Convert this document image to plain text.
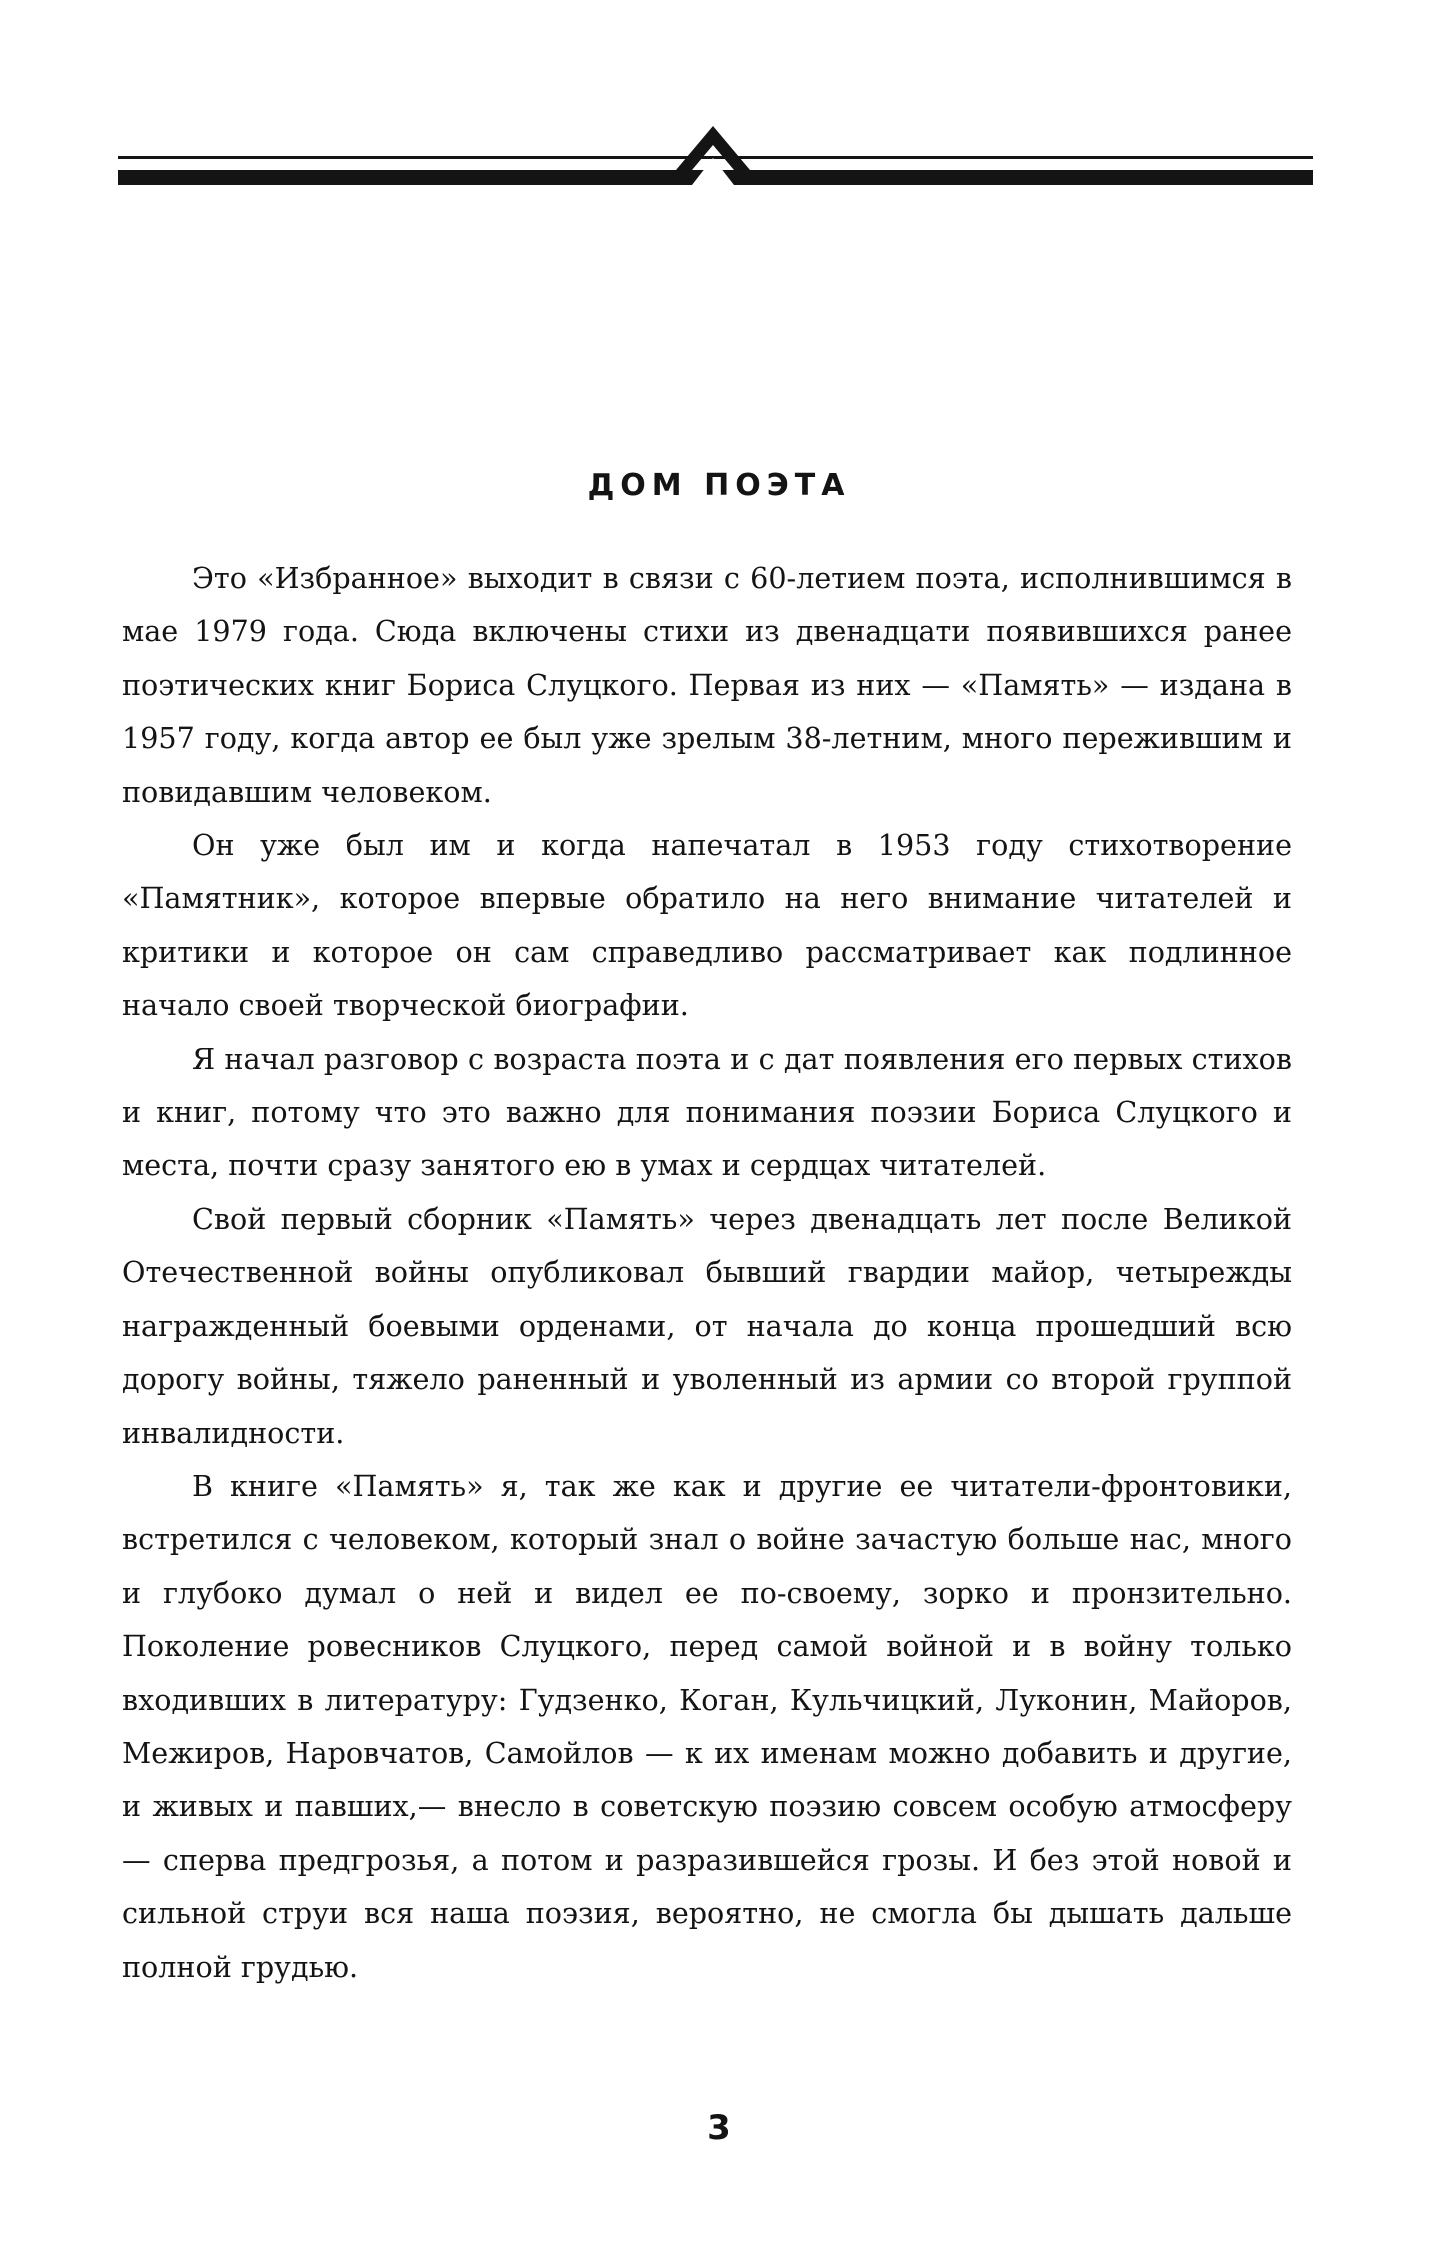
ДОМ ПОЭТА

Это «Избранное» выходит в связи с 60-летием поэта, исполнившимся в мае 1979 года. Сюда включены стихи из двенадцати появившихся ранее поэтических книг Бориса Слуцкого. Первая из них — «Память» — издана в 1957 году, когда автор ее был уже зрелым 38-летним, много пережившим и повидавшим человеком.

Он уже был им и когда напечатал в 1953 году стихотворение «Памятник», которое впервые обратило на него внимание читателей и критики и которое он сам справедливо рассматривает как подлинное начало своей творческой биографии.

Я начал разговор с возраста поэта и с дат появления его первых стихов и книг, потому что это важно для понимания поэзии Бориса Слуцкого и места, почти сразу занятого ею в умах и сердцах читателей.

Свой первый сборник «Память» через двенадцать лет после Великой Отечественной войны опубликовал бывший гвардии майор, четырежды награжденный боевыми орденами, от начала до конца прошедший всю дорогу войны, тяжело раненный и уволенный из армии со второй группой инвалидности.

В книге «Память» я, так же как и другие ее читатели-фронтовики, встретился с человеком, который знал о войне зачастую больше нас, много и глубоко думал о ней и видел ее по-своему, зорко и пронзительно. Поколение ровесников Слуцкого, перед самой войной и в войну только входивших в литературу: Гудзенко, Коган, Кульчицкий, Луконин, Майоров, Межиров, Наровчатов, Самойлов — к их именам можно добавить и другие, и живых и павших,— внесло в советскую поэзию совсем особую атмосферу — сперва предгрозья, а потом и разразившейся грозы. И без этой новой и сильной струи вся наша поэзия, вероятно, не смогла бы дышать дальше полной грудью.

3
